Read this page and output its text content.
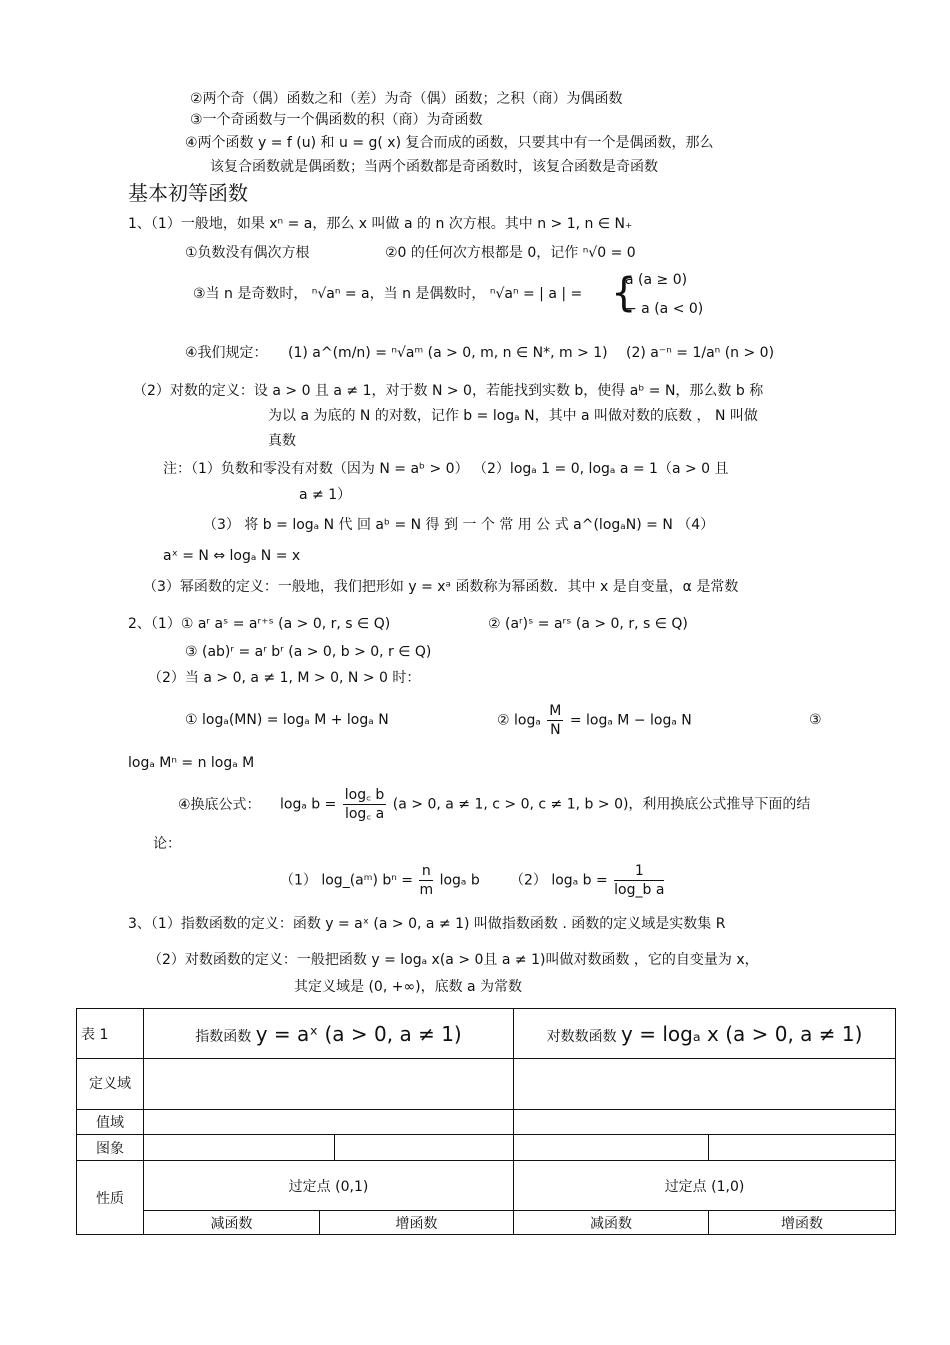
②两个奇（偶）函数之和（差）为奇（偶）函数；之积（商）为偶函数
③一个奇函数与一个偶函数的积（商）为奇函数
④两个函数 y = f (u) 和 u = g( x) 复合而成的函数，只要其中有一个是偶函数，那么
该复合函数就是偶函数；当两个函数都是奇函数时，该复合函数是奇函数
基本初等函数
1、（1）一般地，如果 xⁿ = a，那么 x 叫做 a 的 n 次方根。其中 n > 1, n ∈ N₊
①负数没有偶次方根	②0 的任何次方根都是 0，记作 ⁿ√0 = 0
③当 n 是奇数时， ⁿ√aⁿ = a，当 n 是偶数时， ⁿ√aⁿ = | a | = {
a (a ≥ 0)
− a (a < 0)
④我们规定： (1) a^(m/n) = ⁿ√aᵐ (a > 0, m, n ∈ N*, m > 1) (2) a⁻ⁿ = 1/aⁿ (n > 0)
（2）对数的定义：设 a > 0 且 a ≠ 1，对于数 N > 0，若能找到实数 b，使得 aᵇ = N，那么数 b 称
为以 a 为底的 N 的对数，记作 b = logₐ N，其中 a 叫做对数的底数 ， N 叫做
真数
注：（1）负数和零没有对数（因为 N = aᵇ > 0） （2）logₐ 1 = 0, logₐ a = 1（a > 0 且
a ≠ 1）
（3） 将 b = logₐ N 代 回 aᵇ = N 得 到 一 个 常 用 公 式 a^(logₐN) = N （4）
aˣ = N ⇔ logₐ N = x
（3）幂函数的定义：一般地，我们把形如 y = xᵃ 函数称为幂函数．其中 x 是自变量，α 是常数
2、（1）① aʳ aˢ = aʳ⁺ˢ (a > 0, r, s ∈ Q)	② (aʳ)ˢ = aʳˢ (a > 0, r, s ∈ Q)
③ (ab)ʳ = aʳ bʳ (a > 0, b > 0, r ∈ Q)
（2）当 a > 0, a ≠ 1, M > 0, N > 0 时：
① logₐ(MN) = logₐ M + logₐ N	② logₐ $\frac{M}{N} = \log_a$ M − logₐ N	③
logₐ Mⁿ = n logₐ M
④换底公式： logₐ $b = \frac{\log꜀ b}{\log꜀ a} (a > 0$, a ≠ 1, c > 0, c ≠ 1, b > 0)，利用换底公式推导下面的结
论：
（1） log_(aᵐ) $b^n = \frac{n}{m}$ logₐ b （2） logₐ $b = \frac{1}{\text{log\_b a}}$
3、（1）指数函数的定义：函数 y = aˣ (a > 0, a ≠ 1) 叫做指数函数 . 函数的定义域是实数集 R
（2）对数函数的定义：一般把函数 y = logₐ x(a > 0且 a ≠ 1)叫做对数函数 ，它的自变量为 x，
其定义域是 (0, +∞)，底数 a 为常数
表 1	指数函数 y = aˣ (a > 0, a ≠ 1)			对数数函数 y = logₐ x (a > 0, a ≠ 1)	
定义域					
值域					
图象					
性质	过定点 (0,1)			过定点 (1,0)	
	减函数	增函数		减函数	增函数
